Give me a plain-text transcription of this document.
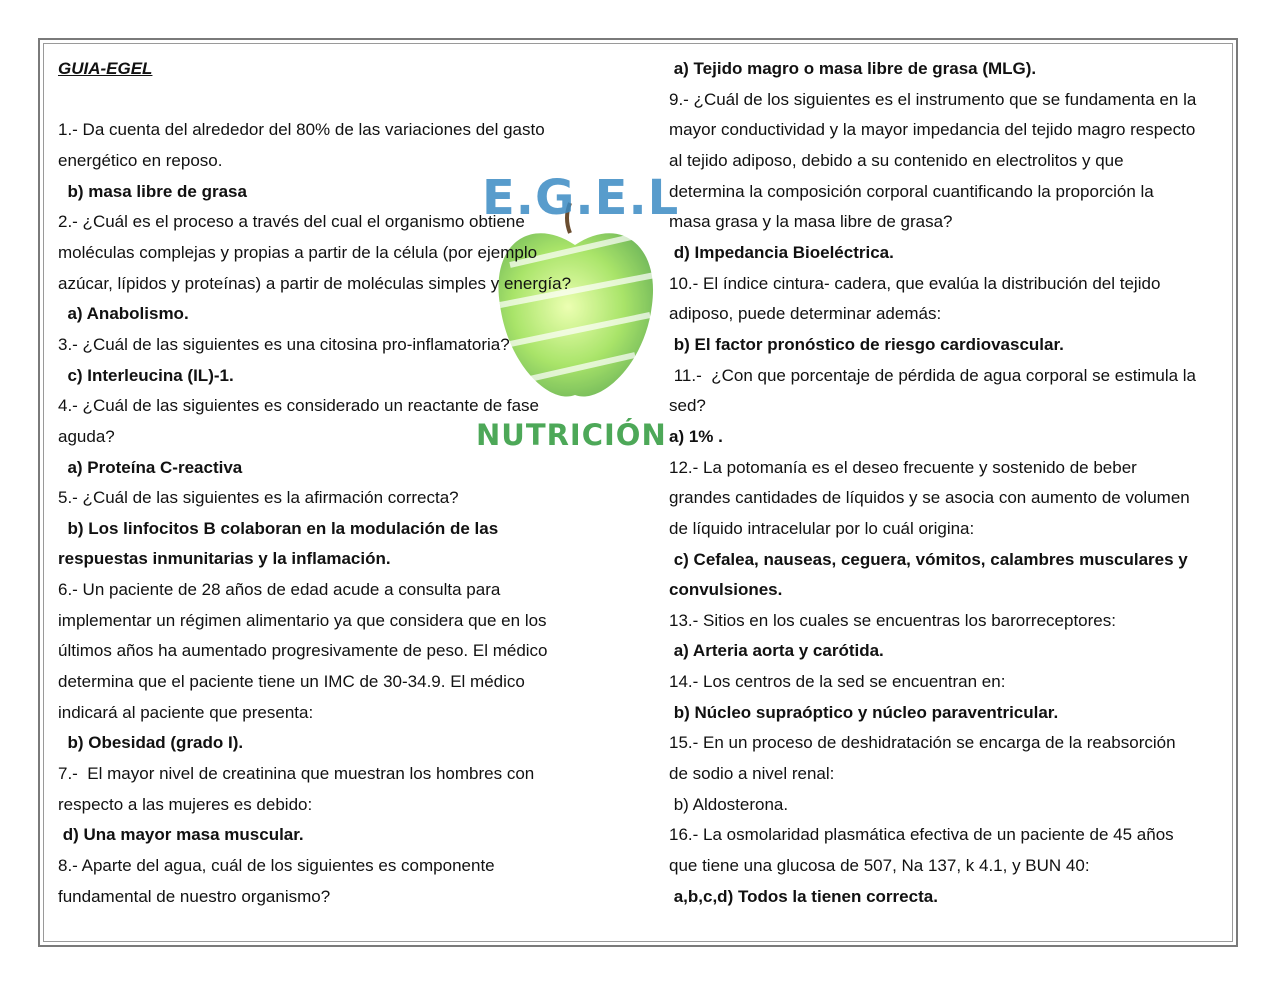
E.G.E.L
NUTRICIÓN

GUIA-EGEL

1.- Da cuenta del alrededor del 80% de las variaciones del gasto

energético en reposo.

b) masa libre de grasa

2.- ¿Cuál es el proceso a través del cual el organismo obtiene

moléculas complejas y propias a partir de la célula (por ejemplo

azúcar, lípidos y proteínas) a partir de moléculas simples y energía?

a) Anabolismo.

3.- ¿Cuál de las siguientes es una citosina pro-inflamatoria?

c) Interleucina (IL)-1.

4.- ¿Cuál de las siguientes es considerado un reactante de fase

aguda?

a) Proteína C-reactiva

5.- ¿Cuál de las siguientes es la afirmación correcta?

b) Los linfocitos B colaboran en la modulación de las

respuestas inmunitarias y la inflamación.

6.- Un paciente de 28 años de edad acude a consulta para

implementar un régimen alimentario ya que considera que en los

últimos años ha aumentado progresivamente de peso. El médico

determina que el paciente tiene un IMC de 30-34.9. El médico

indicará al paciente que presenta:

b) Obesidad (grado I).

7.-  El mayor nivel de creatinina que muestran los hombres con

respecto a las mujeres es debido:

d) Una mayor masa muscular.

8.- Aparte del agua, cuál de los siguientes es componente

fundamental de nuestro organismo?

a) Tejido magro o masa libre de grasa (MLG).

9.- ¿Cuál de los siguientes es el instrumento que se fundamenta en la

mayor conductividad y la mayor impedancia del tejido magro respecto

al tejido adiposo, debido a su contenido en electrolitos y que

determina la composición corporal cuantificando la proporción la

masa grasa y la masa libre de grasa?

d) Impedancia Bioeléctrica.

10.- El índice cintura- cadera, que evalúa la distribución del tejido

adiposo, puede determinar además:

b) El factor pronóstico de riesgo cardiovascular.

11.-  ¿Con que porcentaje de pérdida de agua corporal se estimula la

sed?

a) 1% .

12.- La potomanía es el deseo frecuente y sostenido de beber

grandes cantidades de líquidos y se asocia con aumento de volumen

de líquido intracelular por lo cuál origina:

c) Cefalea, nauseas, ceguera, vómitos, calambres musculares y

convulsiones.

13.- Sitios en los cuales se encuentras los barorreceptores:

a) Arteria aorta y carótida.

14.- Los centros de la sed se encuentran en:

b) Núcleo supraóptico y núcleo paraventricular.

15.- En un proceso de deshidratación se encarga de la reabsorción

de sodio a nivel renal:

b) Aldosterona.

16.- La osmolaridad plasmática efectiva de un paciente de 45 años

que tiene una glucosa de 507, Na 137, k 4.1, y BUN 40:

a,b,c,d) Todos la tienen correcta.
